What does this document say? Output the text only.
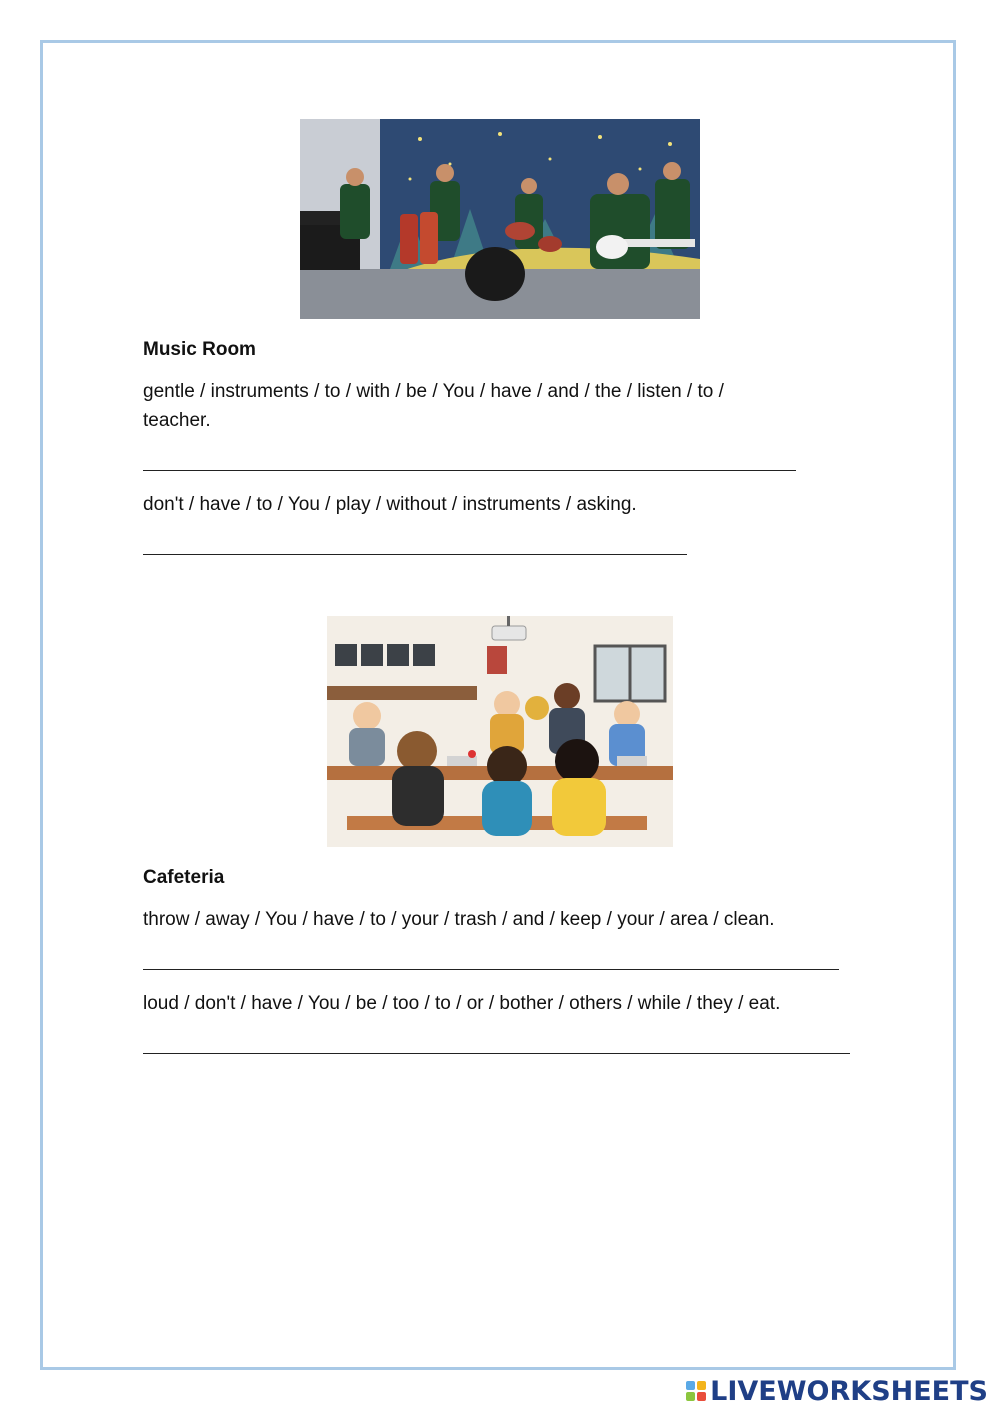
Music Room
gentle / instruments / to / with / be / You / have / and / the / listen / to /
teacher.
don't / have / to / You / play / without / instruments / asking.
Cafeteria
throw / away / You / have / to / your / trash / and / keep / your / area / clean.
loud / don't / have / You / be / too / to / or / bother / others / while / they / eat.
LIVEWORKSHEETS
